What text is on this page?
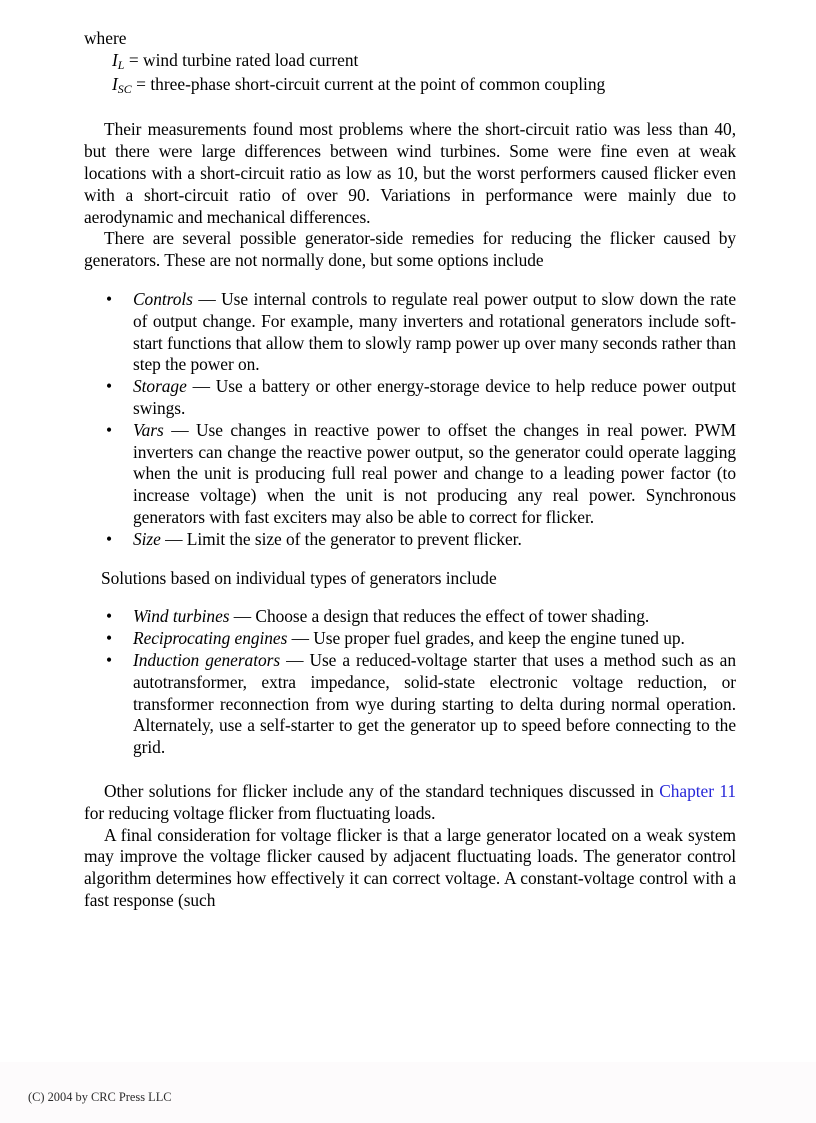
where
$I_L$ = wind turbine rated load current
$I_{SC}$ = three-phase short-circuit current at the point of common coupling

Their measurements found most problems where the short-circuit ratio was less than 40, but there were large differences between wind turbines. Some were fine even at weak locations with a short-circuit ratio as low as 10, but the worst performers caused flicker even with a short-circuit ratio of over 90. Variations in performance were mainly due to aerodynamic and mechanical differences.

There are several possible generator-side remedies for reducing the flicker caused by generators. These are not normally done, but some options include

• Controls — Use internal controls to regulate real power output to slow down the rate of output change. For example, many inverters and rotational generators include soft-start functions that allow them to slowly ramp power up over many seconds rather than step the power on.
• Storage — Use a battery or other energy-storage device to help reduce power output swings.
• Vars — Use changes in reactive power to offset the changes in real power. PWM inverters can change the reactive power output, so the generator could operate lagging when the unit is producing full real power and change to a leading power factor (to increase voltage) when the unit is not producing any real power. Synchronous generators with fast exciters may also be able to correct for flicker.
• Size — Limit the size of the generator to prevent flicker.

Solutions based on individual types of generators include

• Wind turbines — Choose a design that reduces the effect of tower shading.
• Reciprocating engines — Use proper fuel grades, and keep the engine tuned up.
• Induction generators — Use a reduced-voltage starter that uses a method such as an autotransformer, extra impedance, solid-state electronic voltage reduction, or transformer reconnection from wye during starting to delta during normal operation. Alternately, use a self-starter to get the generator up to speed before connecting to the grid.

Other solutions for flicker include any of the standard techniques discussed in Chapter 11 for reducing voltage flicker from fluctuating loads.

A final consideration for voltage flicker is that a large generator located on a weak system may improve the voltage flicker caused by adjacent fluctuating loads. The generator control algorithm determines how effectively it can correct voltage. A constant-voltage control with a fast response (such

(C) 2004 by CRC Press LLC
